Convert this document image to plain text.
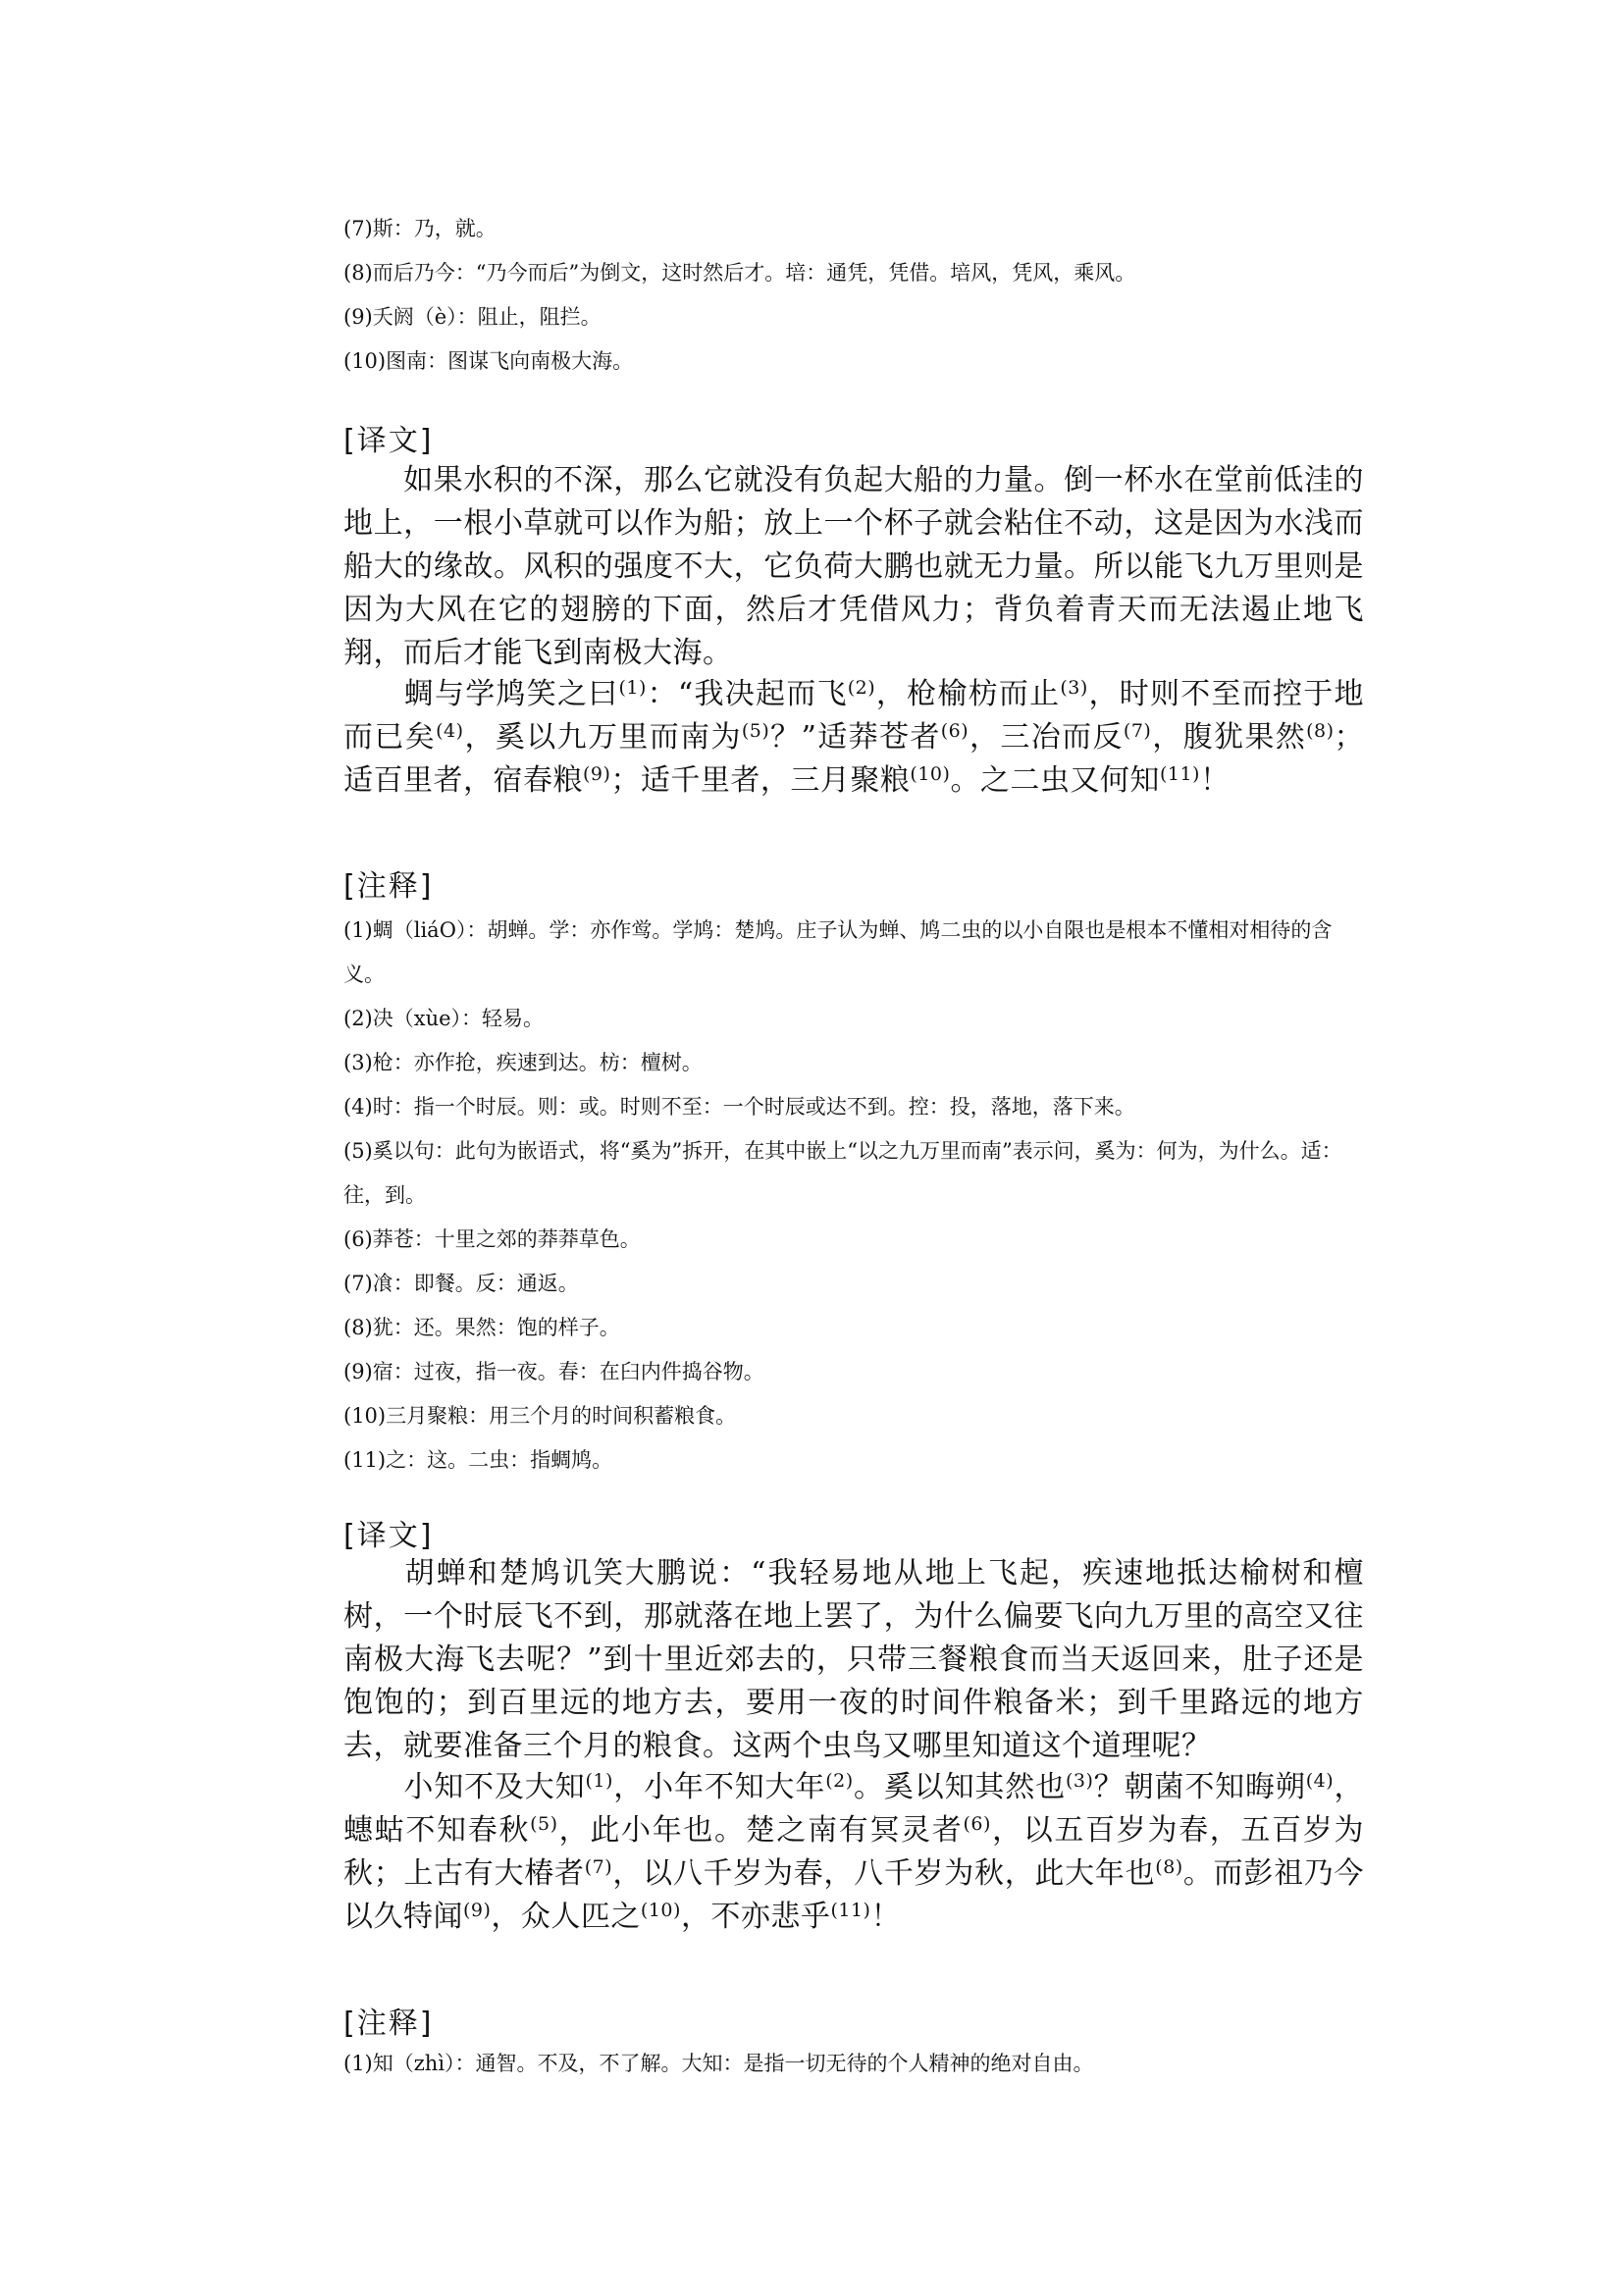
(7)斯：乃，就。

(8)而后乃今：“乃今而后”为倒文，这时然后才。培：通凭，凭借。培风，凭风，乘风。

(9)夭阏（è）：阻止，阻拦。

(10)图南：图谋飞向南极大海。

[译文]

  如果水积的不深，那么它就没有负起大船的力量。倒一杯水在堂前低洼的地上，一根小草就可以作为船；放上一个杯子就会粘住不动，这是因为水浅而船大的缘故。风积的强度不大，它负荷大鹏也就无力量。所以能飞九万里则是因为大风在它的翅膀的下面，然后才凭借风力；背负着青天而无法遏止地飞翔，而后才能飞到南极大海。

  蜩与学鸠笑之曰$^{(1)}$：“我决起而飞$^{(2)}$，枪榆枋而止$^{(3)}$，时则不至而控于地而已矣$^{(4)}$，奚以九万里而南为$^{(5)}$？”适莽苍者$^{(6)}$，三冶而反$^{(7)}$，腹犹果然$^{(8)}$；适百里者，宿春粮$^{(9)}$；适千里者，三月聚粮$^{(10)}$。之二虫又何知$^{(11)}$！

[注释]

(1)蜩（liáO）：胡蝉。学：亦作鸴。学鸠：楚鸠。庄子认为蝉、鸠二虫的以小自限也是根本不懂相对相待的含义。

(2)决（xùe）：轻易。

(3)枪：亦作抢，疾速到达。枋：檀树。

(4)时：指一个时辰。则：或。时则不至：一个时辰或达不到。控：投，落地，落下来。

(5)奚以句：此句为嵌语式，将“奚为”拆开，在其中嵌上“以之九万里而南”表示问，奚为：何为，为什么。适：往，到。

(6)莽苍：十里之郊的莽莽草色。

(7)飡：即餐。反：通返。

(8)犹：还。果然：饱的样子。

(9)宿：过夜，指一夜。春：在臼内件捣谷物。

(10)三月聚粮：用三个月的时间积蓄粮食。

(11)之：这。二虫：指蜩鸠。

[译文]

  胡蝉和楚鸠讥笑大鹏说：“我轻易地从地上飞起，疾速地抵达榆树和檀树，一个时辰飞不到，那就落在地上罢了，为什么偏要飞向九万里的高空又往南极大海飞去呢？”到十里近郊去的，只带三餐粮食而当天返回来，肚子还是饱饱的；到百里远的地方去，要用一夜的时间件粮备米；到千里路远的地方去，就要准备三个月的粮食。这两个虫鸟又哪里知道这个道理呢？

  小知不及大知$^{(1)}$，小年不知大年$^{(2)}$。奚以知其然也$^{(3)}$？朝菌不知晦朔$^{(4)}$，蟪蛄不知春秋$^{(5)}$，此小年也。楚之南有冥灵者$^{(6)}$，以五百岁为春，五百岁为秋；上古有大椿者$^{(7)}$，以八千岁为春，八千岁为秋，此大年也$^{(8)}$。而彭祖乃今以久特闻$^{(9)}$，众人匹之$^{(10)}$，不亦悲乎$^{(11)}$！

[注释]

(1)知（zhì）：通智。不及，不了解。大知：是指一切无待的个人精神的绝对自由。
